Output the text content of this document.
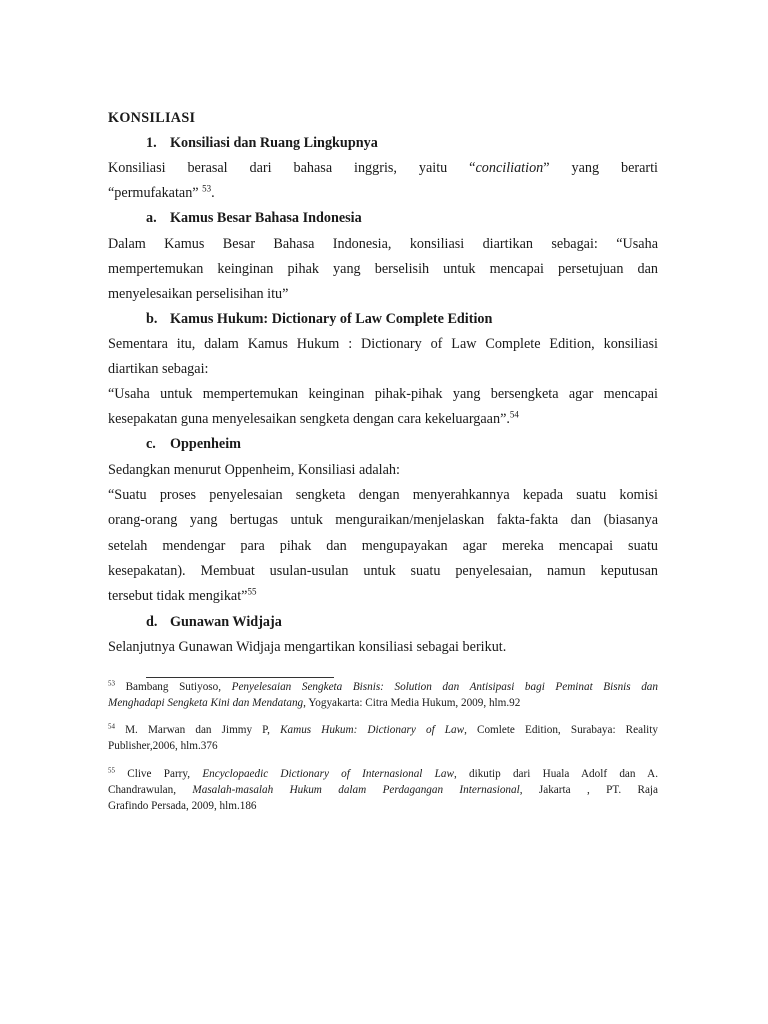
KONSILIASI
1. Konsiliasi dan Ruang Lingkupnya
Konsiliasi berasal dari bahasa inggris, yaitu “conciliation” yang berarti
“permufakatan” $^{53}$.
a. Kamus Besar Bahasa Indonesia
Dalam Kamus Besar Bahasa Indonesia, konsiliasi diartikan sebagai: “Usaha
mempertemukan keinginan pihak yang berselisih untuk mencapai persetujuan dan
menyelesaikan perselisihan itu”
b. Kamus Hukum: Dictionary of Law Complete Edition
Sementara itu, dalam Kamus Hukum : Dictionary of Law Complete Edition, konsiliasi
diartikan sebagai:
“Usaha untuk mempertemukan keinginan pihak-pihak yang bersengketa agar mencapai
kesepakatan guna menyelesaikan sengketa dengan cara kekeluargaan”.$^{54}$
c. Oppenheim
Sedangkan menurut Oppenheim, Konsiliasi adalah:
“Suatu proses penyelesaian sengketa dengan menyerahkannya kepada suatu komisi
orang-orang yang bertugas untuk menguraikan/menjelaskan fakta-fakta dan (biasanya
setelah mendengar para pihak dan mengupayakan agar mereka mencapai suatu
kesepakatan). Membuat usulan-usulan untuk suatu penyelesaian, namun keputusan
tersebut tidak mengikat”$^{55}$
d. Gunawan Widjaja
Selanjutnya Gunawan Widjaja mengartikan konsiliasi sebagai berikut.
$^{53}$ Bambang Sutiyoso, Penyelesaian Sengketa Bisnis: Solution dan Antisipasi bagi Peminat Bisnis dan
Menghadapi Sengketa Kini dan Mendatang, Yogyakarta: Citra Media Hukum, 2009, hlm.92
$^{54}$ M. Marwan dan Jimmy P, Kamus Hukum: Dictionary of Law, Comlete Edition, Surabaya: Reality
Publisher,2006, hlm.376
$^{55}$ Clive Parry, Encyclopaedic Dictionary of Internasional Law, dikutip dari Huala Adolf dan A.
Chandrawulan, Masalah-masalah Hukum dalam Perdagangan Internasional, Jakarta , PT. Raja
Grafindo Persada, 2009, hlm.186
